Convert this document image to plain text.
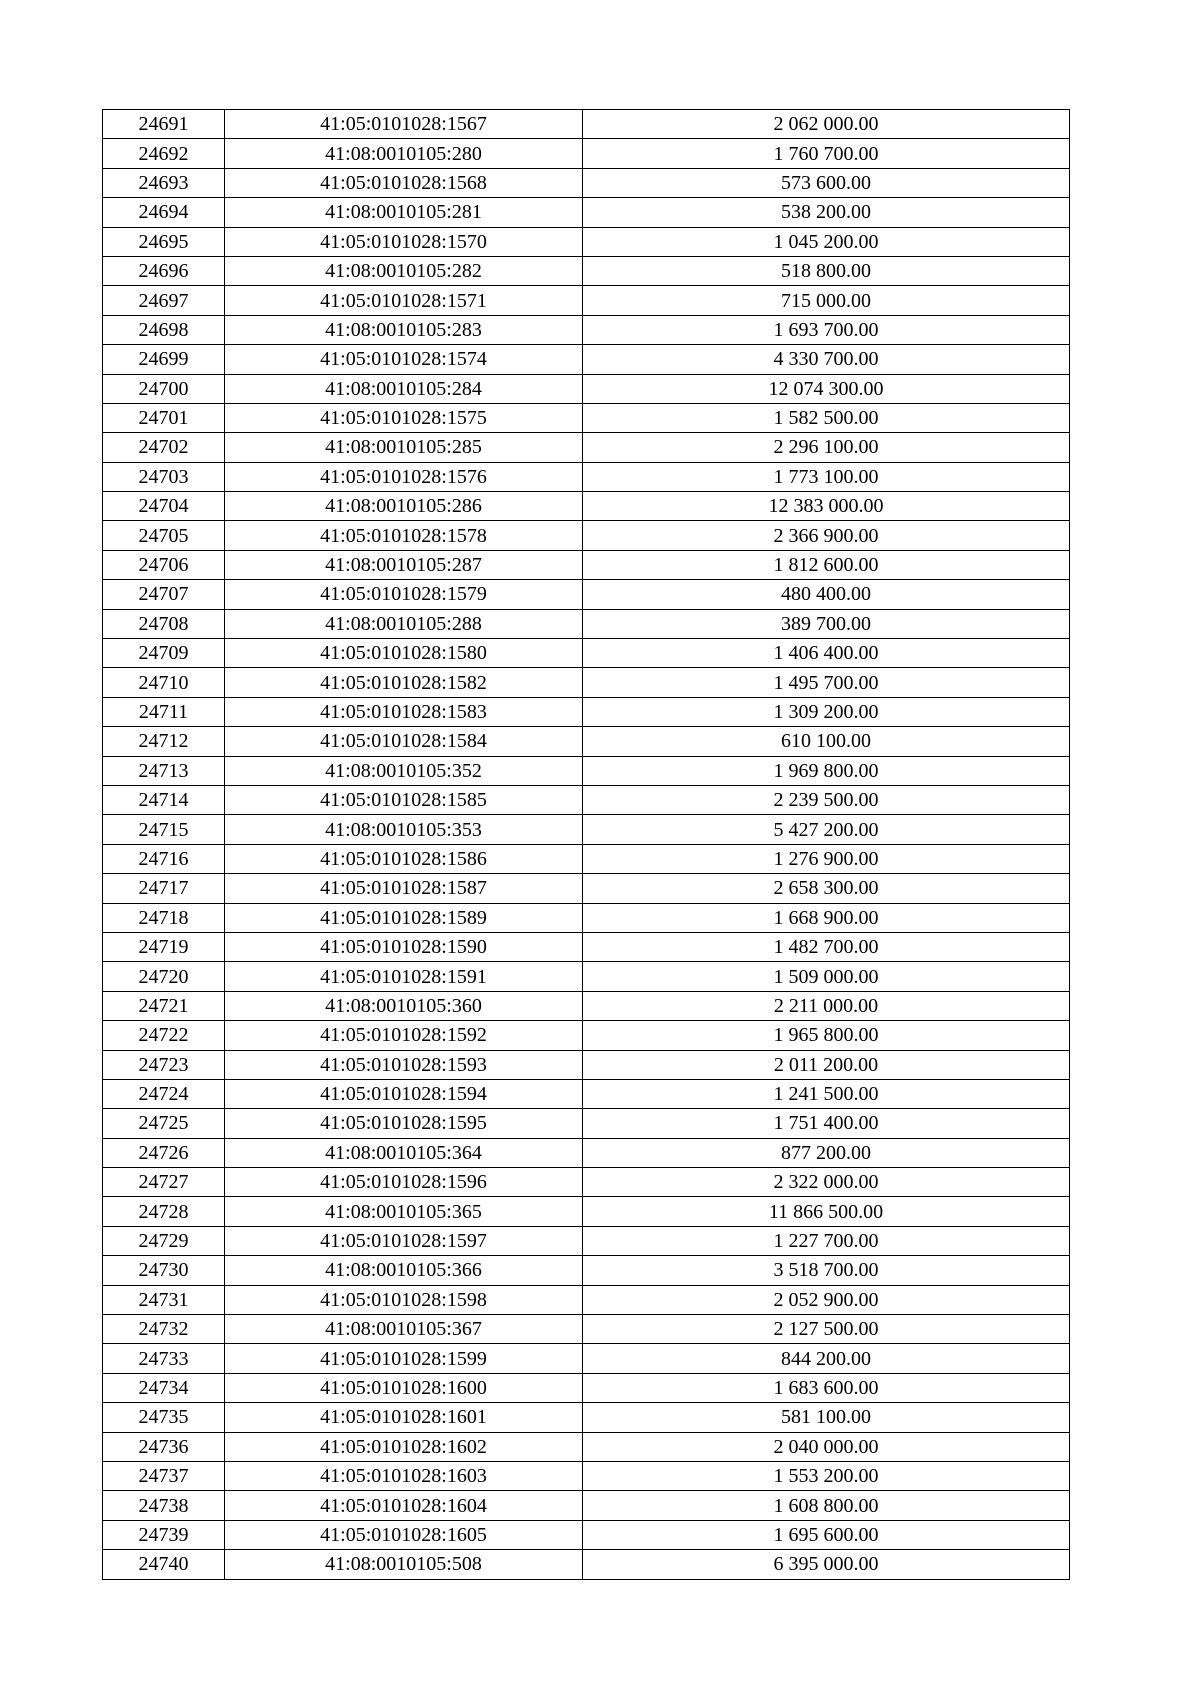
24691	41:05:0101028:1567	2 062 000.00
24692	41:08:0010105:280	1 760 700.00
24693	41:05:0101028:1568	573 600.00
24694	41:08:0010105:281	538 200.00
24695	41:05:0101028:1570	1 045 200.00
24696	41:08:0010105:282	518 800.00
24697	41:05:0101028:1571	715 000.00
24698	41:08:0010105:283	1 693 700.00
24699	41:05:0101028:1574	4 330 700.00
24700	41:08:0010105:284	12 074 300.00
24701	41:05:0101028:1575	1 582 500.00
24702	41:08:0010105:285	2 296 100.00
24703	41:05:0101028:1576	1 773 100.00
24704	41:08:0010105:286	12 383 000.00
24705	41:05:0101028:1578	2 366 900.00
24706	41:08:0010105:287	1 812 600.00
24707	41:05:0101028:1579	480 400.00
24708	41:08:0010105:288	389 700.00
24709	41:05:0101028:1580	1 406 400.00
24710	41:05:0101028:1582	1 495 700.00
24711	41:05:0101028:1583	1 309 200.00
24712	41:05:0101028:1584	610 100.00
24713	41:08:0010105:352	1 969 800.00
24714	41:05:0101028:1585	2 239 500.00
24715	41:08:0010105:353	5 427 200.00
24716	41:05:0101028:1586	1 276 900.00
24717	41:05:0101028:1587	2 658 300.00
24718	41:05:0101028:1589	1 668 900.00
24719	41:05:0101028:1590	1 482 700.00
24720	41:05:0101028:1591	1 509 000.00
24721	41:08:0010105:360	2 211 000.00
24722	41:05:0101028:1592	1 965 800.00
24723	41:05:0101028:1593	2 011 200.00
24724	41:05:0101028:1594	1 241 500.00
24725	41:05:0101028:1595	1 751 400.00
24726	41:08:0010105:364	877 200.00
24727	41:05:0101028:1596	2 322 000.00
24728	41:08:0010105:365	11 866 500.00
24729	41:05:0101028:1597	1 227 700.00
24730	41:08:0010105:366	3 518 700.00
24731	41:05:0101028:1598	2 052 900.00
24732	41:08:0010105:367	2 127 500.00
24733	41:05:0101028:1599	844 200.00
24734	41:05:0101028:1600	1 683 600.00
24735	41:05:0101028:1601	581 100.00
24736	41:05:0101028:1602	2 040 000.00
24737	41:05:0101028:1603	1 553 200.00
24738	41:05:0101028:1604	1 608 800.00
24739	41:05:0101028:1605	1 695 600.00
24740	41:08:0010105:508	6 395 000.00
